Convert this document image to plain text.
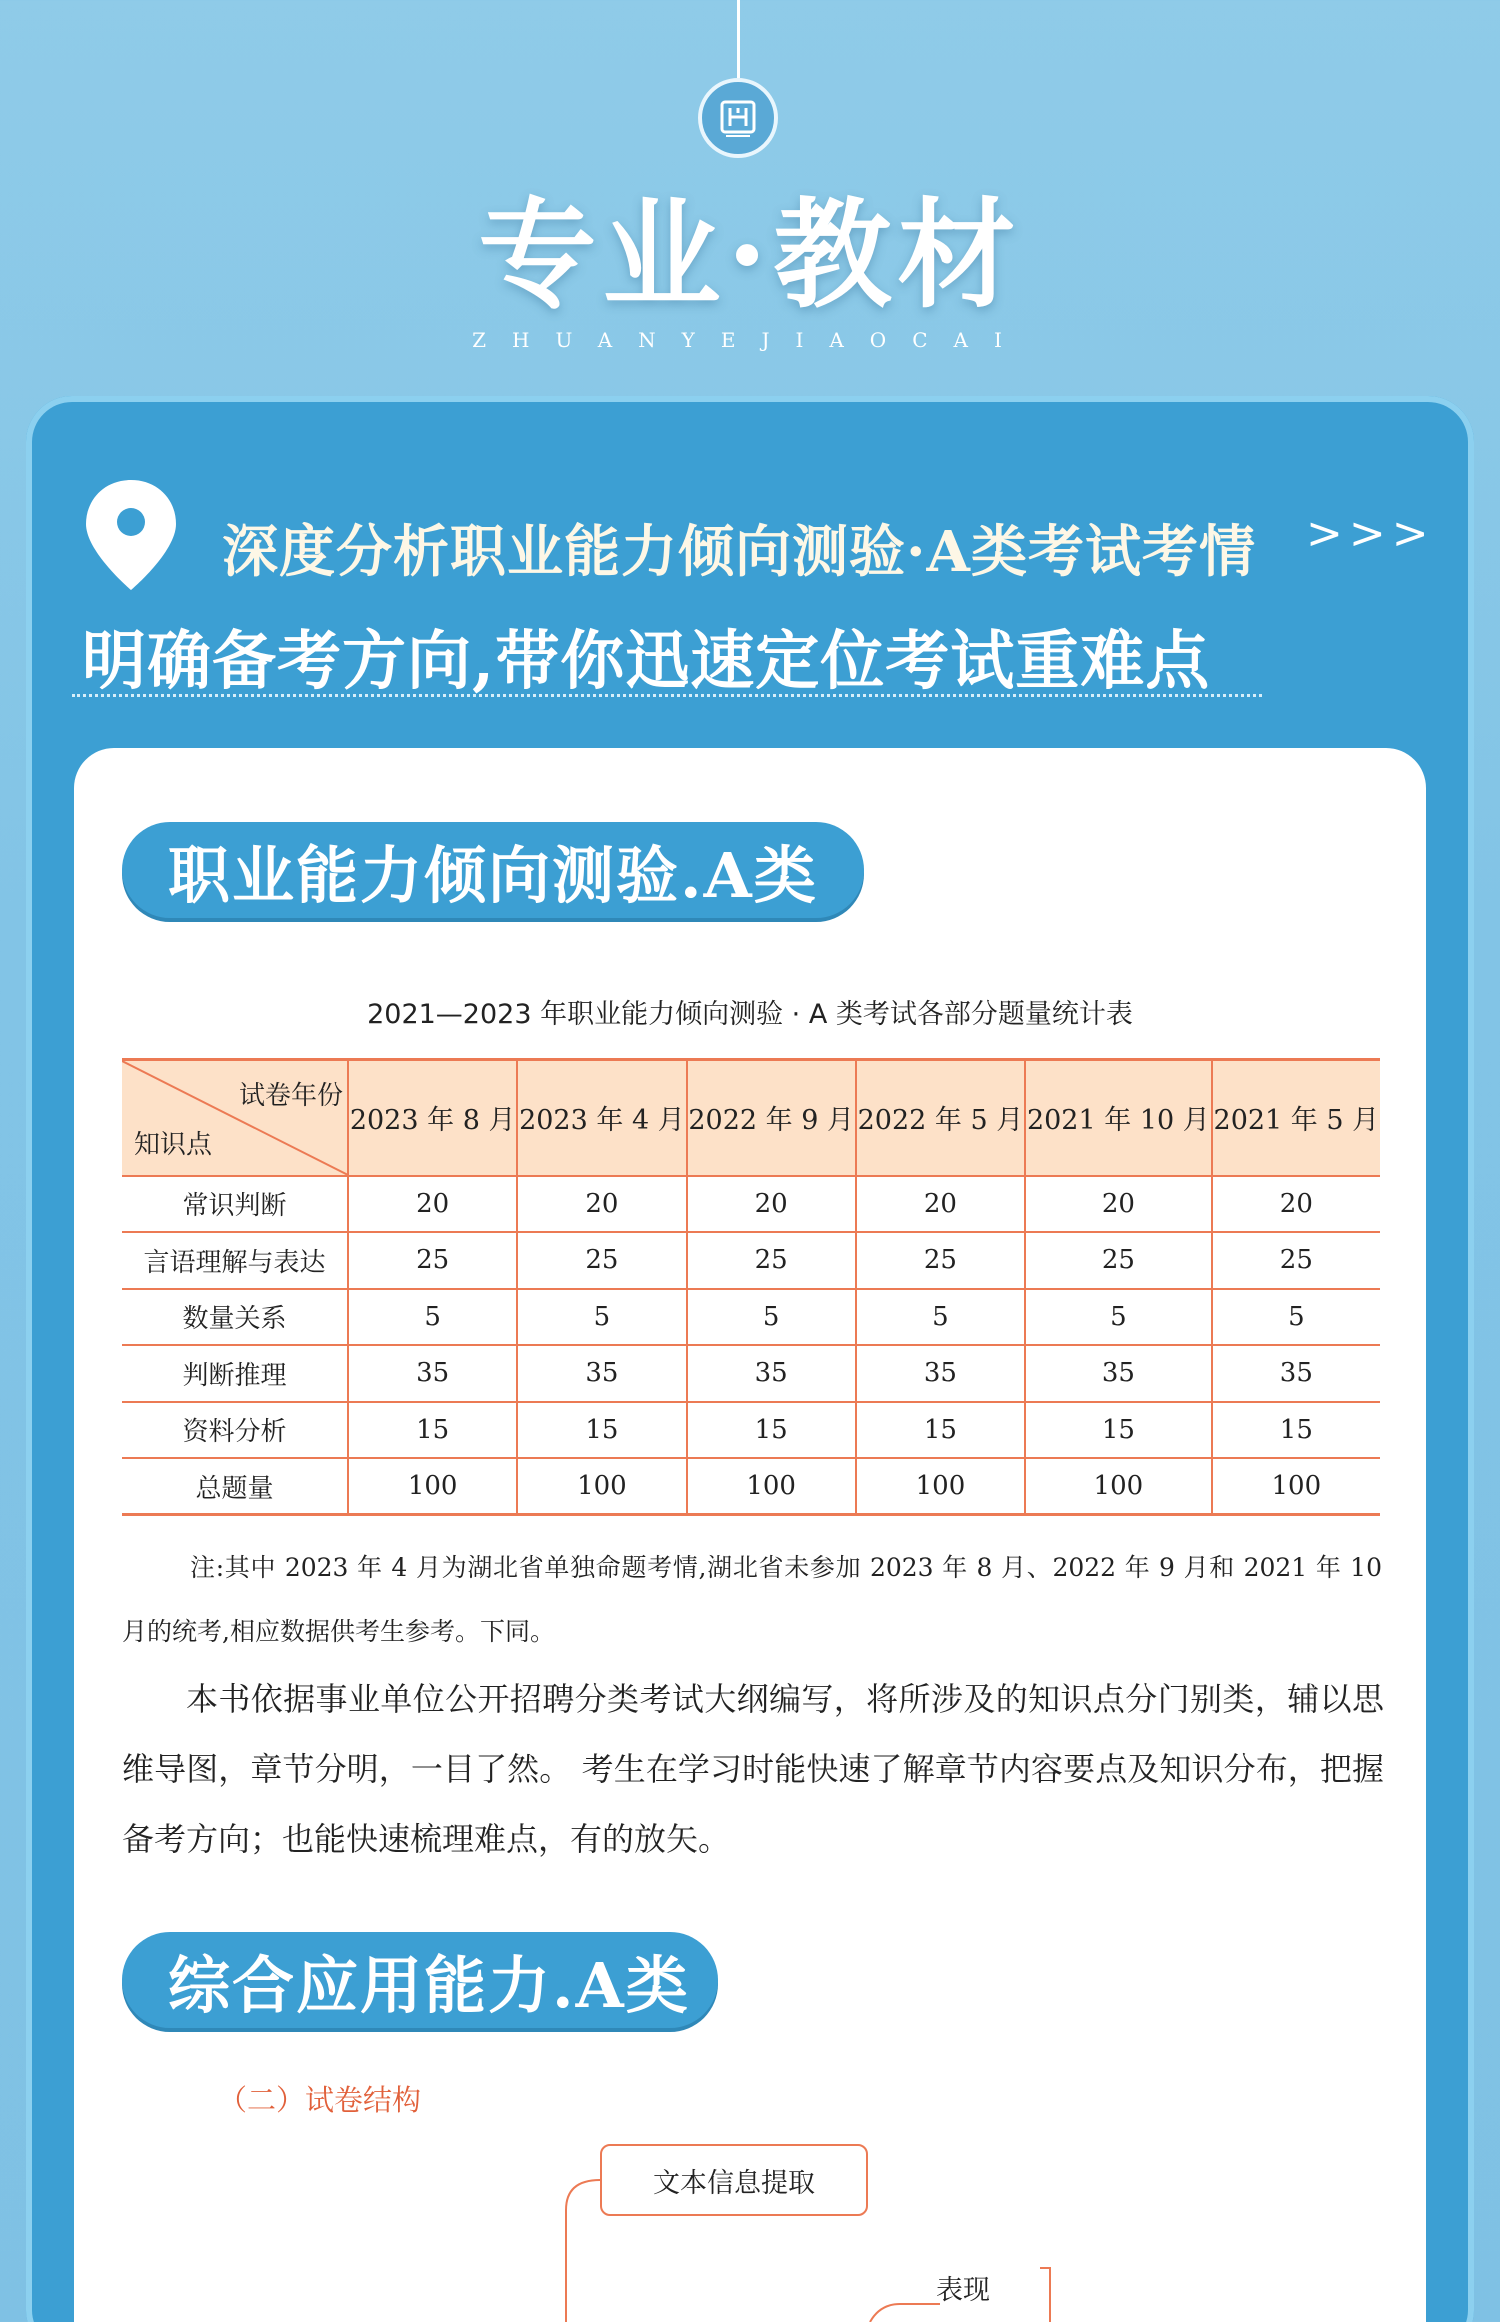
专业·教材
ZHUANYEJIAOCAI
深度分析职业能力倾向测验·A类考试考情 >>>
明确备考方向,带你迅速定位考试重难点
职业能力倾向测验.A类
2021—2023 年职业能力倾向测验 · A 类考试各部分题量统计表
试卷年份
知识点	2023 年 8 月	2023 年 4 月	2022 年 9 月	2022 年 5 月	2021 年 10 月	2021 年 5 月
常识判断	20	20	20	20	20	20
言语理解与表达	25	25	25	25	25	25
数量关系	5	5	5	5	5	5
判断推理	35	35	35	35	35	35
资料分析	15	15	15	15	15	15
总题量	100	100	100	100	100	100
注:其中 2023 年 4 月为湖北省单独命题考情,湖北省未参加 2023 年 8 月、2022 年 9 月和 2021 年 10 月的统考,相应数据供考生参考。下同。
本书依据事业单位公开招聘分类考试大纲编写，将所涉及的知识点分门别类，辅以思维导图，章节分明，一目了然。 考生在学习时能快速了解章节内容要点及知识分布，把握备考方向；也能快速梳理难点，有的放矢。
综合应用能力.A类
（二）试卷结构
文本信息提取
表现
